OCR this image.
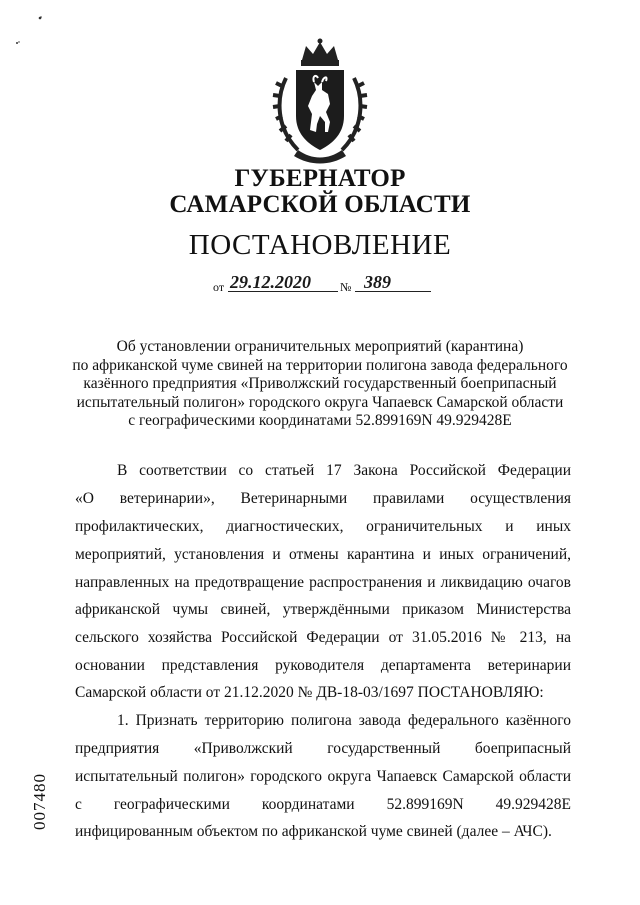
ГУБЕРНАТОР
САМАРСКОЙ ОБЛАСТИ
ПОСТАНОВЛЕНИЕ
от 29.12.2020 № 389
Об установлении ограничительных мероприятий (карантина)
по африканской чуме свиней на территории полигона завода федерального
казённого предприятия «Приволжский государственный боеприпасный
испытательный полигон» городского округа Чапаевск Самарской области
с географическими координатами 52.899169N 49.929428E
В соответствии со статьей 17 Закона Российской Федерации
«О ветеринарии», Ветеринарными правилами осуществления
профилактических, диагностических, ограничительных и иных
мероприятий, установления и отмены карантина и иных ограничений,
направленных на предотвращение распространения и ликвидацию очагов
африканской чумы свиней, утверждёнными приказом Министерства
сельского хозяйства Российской Федерации от 31.05.2016 № 213, на
основании представления руководителя департамента ветеринарии
Самарской области от 21.12.2020 № ДВ-18-03/1697 ПОСТАНОВЛЯЮ:
1. Признать территорию полигона завода федерального казённого
предприятия «Приволжский государственный боеприпасный
испытательный полигон» городского округа Чапаевск Самарской области
с географическими координатами 52.899169N 49.929428E
инфицированным объектом по африканской чуме свиней (далее – АЧС).
007480
